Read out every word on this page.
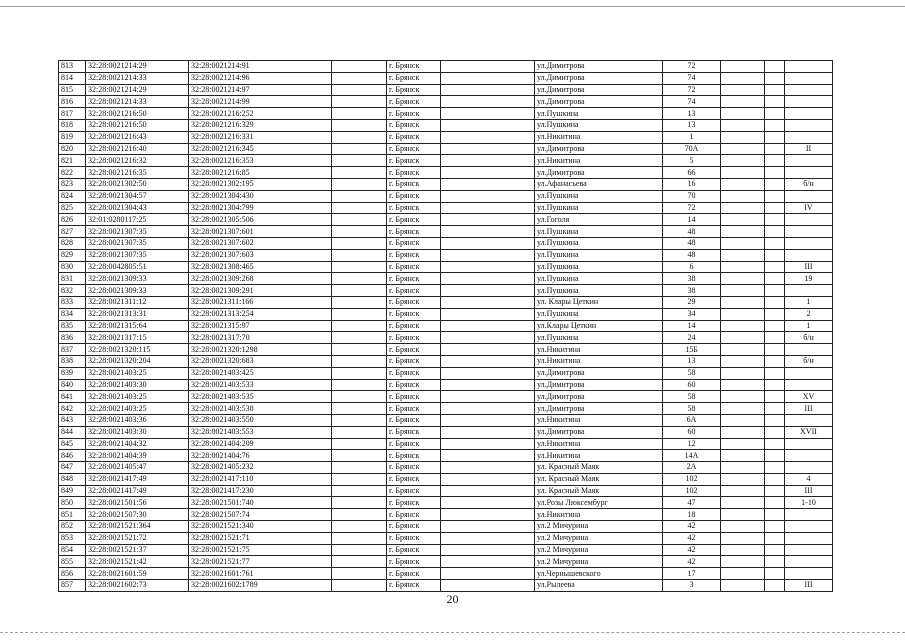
813	32:28:0021214:29	32:28:0021214:91		г. Брянск		ул.Димитрова	72			
814	32:28:0021214:33	32:28:0021214:96		г. Брянск		ул.Димитрова	74			
815	32:28:0021214:29	32:28:0021214:97		г. Брянск		ул.Димитрова	72			
816	32:28:0021214:33	32:28:0021214:99		г. Брянск		ул.Димитрова	74			
817	32:28:0021216:50	32:28:0021216:252		г. Брянск		ул.Пушкина	13			
818	32:28:0021216:50	32:28:0021216:329		г. Брянск		ул.Пушкина	13			
819	32:28:0021216:43	32:28:0021216:331		г. Брянск		ул.Никитина	1			
820	32:28:0021216:40	32:28:0021216:345		г. Брянск		ул.Димитрова	70А			II
821	32:28:0021216:32	32:28:0021216:353		г. Брянск		ул.Никитина	5			
822	32:28:0021216:35	32:28:0021216:85		г. Брянск		ул.Димитрова	66			
823	32:28:0021302:50	32:28:0021302:195		г. Брянск		ул.Афанасьева	16			б/н
824	32:28:0021304:57	32:28:0021304:430		г. Брянск		ул.Пушкина	70			
825	32:28:0021304:43	32:28:0021304:799		г. Брянск		ул.Пушкина	72			IV
826	32:01:0280117:25	32:28:0021305:506		г. Брянск		ул.Гоголя	14			
827	32:28:0021307:35	32:28:0021307:601		г. Брянск		ул.Пушкина	48			
828	32:28:0021307:35	32:28:0021307:602		г. Брянск		ул.Пушкина	48			
829	32:28:0021307:35	32:28:0021307:603		г. Брянск		ул.Пушкина	48			
830	32:28:0042805:51	32:28:0021308:465		г. Брянск		ул.Пушкина	6			III
831	32:28:0021309:33	32:28:0021309:268		г. Брянск		ул.Пушкина	38			19
832	32:28:0021309:33	32:28:0021309:291		г. Брянск		ул.Пушкина	38			
833	32:28:0021311:12	32:28:0021311:166		г. Брянск		ул. Клары Цеткин	29			1
834	32:28:0021313:31	32:28:0021313:254		г. Брянск		ул.Пушкина	34			2
835	32:28:0021315:64	32:28:0021315:97		г. Брянск		ул.Клары Цеткин	14			1
836	32:28:0021317:15	32:28:0021317:70		г. Брянск		ул.Пушкина	24			б/н
837	32:28:0021320:115	32:28:0021320:1298		г. Брянск		ул.Никитина	15Б			
838	32:28:0021320:204	32:28:0021320:683		г. Брянск		ул.Никитина	13			б/н
839	32:28:0021403:25	32:28:0021403:425		г. Брянск		ул.Димитрова	58			
840	32:28:0021403:30	32:28:0021403:533		г. Брянск		ул.Димитрова	60			
841	32:28:0021403:25	32:28:0021403:535		г. Брянск		ул.Димитрова	58			XV
842	32:28:0021403:25	32:28:0021403:538		г. Брянск		ул.Димитрова	58			III
843	32:28:0021403:36	32:28:0021403:550		г. Брянск		ул.Никитина	6А			
844	32:28:0021403:30	32:28:0021403:553		г. Брянск		ул.Димитрова	60			XVII
845	32:28:0021404:32	32:28:0021404:209		г. Брянск		ул.Никитина	12			
846	32:28:0021404:39	32:28:0021404:76		г. Брянск		ул.Никитина	14А			
847	32:28:0021405:47	32:28:0021405:232		г. Брянск		ул. Красный Маяк	2А			
848	32:28:0021417:49	32:28:0021417:110		г. Брянск		ул. Красный Маяк	102			4
849	32:28:0021417:49	32:28:0021417:230		г. Брянск		ул. Красный Маяк	102			III
850	32:28:0021501:56	32:28:0021501:740		г. Брянск		ул.Розы Люксембург	47			1-10
851	32:28:0021507:30	32:28:0021507:74		г. Брянск		ул.Никитина	18			
852	32:28:0021521:364	32:28:0021521:340		г. Брянск		ул.2 Мичурина	42			
853	32:28:0021521:72	32:28:0021521:71		г. Брянск		ул.2 Мичурина	42			
854	32:28:0021521:37	32:28:0021521:75		г. Брянск		ул.2 Мичурина	42			
855	32:28:0021521:42	32:28:0021521:77		г. Брянск		ул.2 Мичурина	42			
856	32:28:0021601:59	32:28:0021601:761		г. Брянск		ул.Чернышевского	17			
857	32:28:0021602:73	32:28:0021602:1789		г. Брянск		ул.Рылеева	3			III
20
